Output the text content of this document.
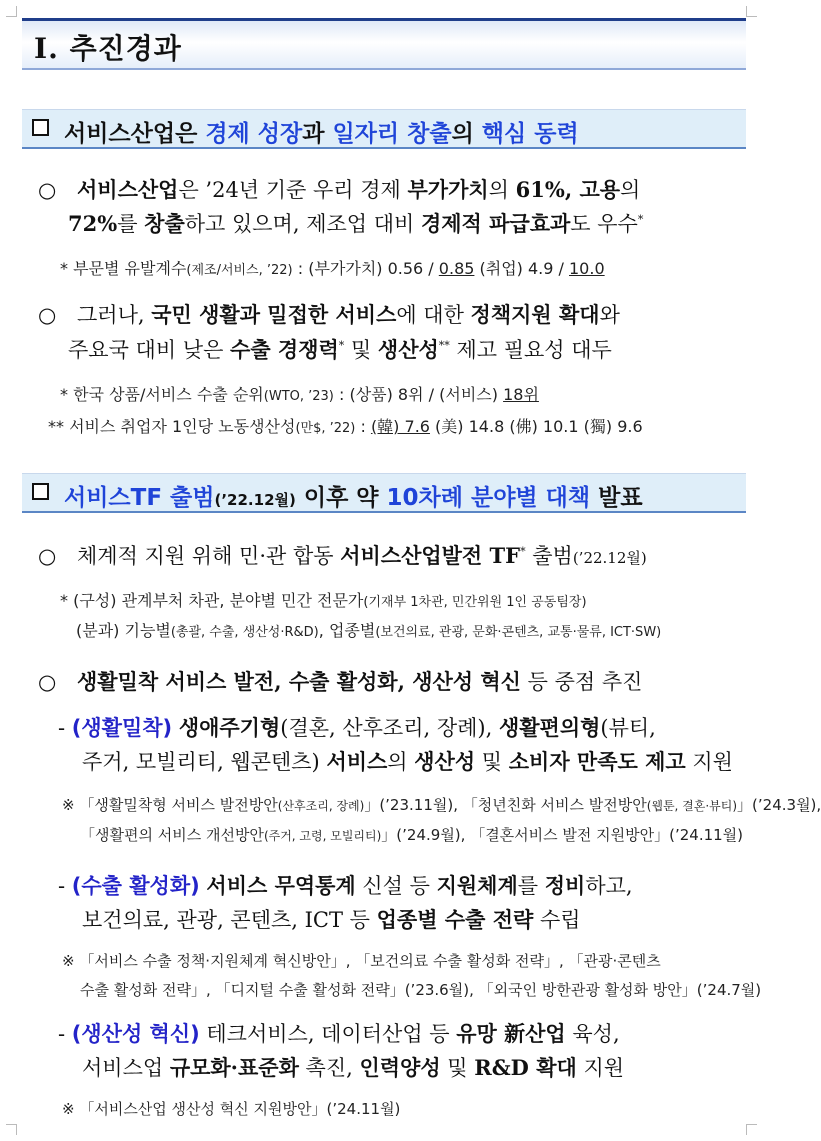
Ⅰ. 추진경과
서비스산업은 경제 성장과 일자리 창출의 핵심 동력
○ 서비스산업은 ’24년 기준 우리 경제 부가가치의 61%, 고용의
72%를 창출하고 있으며, 제조업 대비 경제적 파급효과도 우수*
* 부문별 유발계수(제조/서비스, ’22) : (부가가치) 0.56 / 0.85 (취업) 4.9 / 10.0
○ 그러나, 국민 생활과 밀접한 서비스에 대한 정책지원 확대와
주요국 대비 낮은 수출 경쟁력* 및 생산성** 제고 필요성 대두
* 한국 상품/서비스 수출 순위(WTO, ’23) : (상품) 8위 / (서비스) 18위
** 서비스 취업자 1인당 노동생산성(만$, ’22) : (韓) 7.6 (美) 14.8 (佛) 10.1 (獨) 9.6
서비스TF 출범(’22.12월) 이후 약 10차례 분야별 대책 발표
○ 체계적 지원 위해 민·관 합동 서비스산업발전 TF* 출범(’22.12월)
* (구성) 관계부처 차관, 분야별 민간 전문가(기재부 1차관, 민간위원 1인 공동팀장)
(분과) 기능별(총괄, 수출, 생산성·R&D), 업종별(보건의료, 관광, 문화·콘텐츠, 교통·물류, ICT·SW)
○ 생활밀착 서비스 발전, 수출 활성화, 생산성 혁신 등 중점 추진
- (생활밀착) 생애주기형(결혼, 산후조리, 장례), 생활편의형(뷰티,
주거, 모빌리티, 웹콘텐츠) 서비스의 생산성 및 소비자 만족도 제고 지원
※ 「생활밀착형 서비스 발전방안(산후조리, 장례)」(’23.11월), 「청년친화 서비스 발전방안(웹툰, 결혼·뷰티)」(’24.3월),
「생활편의 서비스 개선방안(주거, 고령, 모빌리티)」(’24.9월), 「결혼서비스 발전 지원방안」(’24.11월)
- (수출 활성화) 서비스 무역통계 신설 등 지원체계를 정비하고,
보건의료, 관광, 콘텐츠, ICT 등 업종별 수출 전략 수립
※ 「서비스 수출 정책·지원체계 혁신방안」, 「보건의료 수출 활성화 전략」, 「관광·콘텐츠
수출 활성화 전략」, 「디지털 수출 활성화 전략」(’23.6월), 「외국인 방한관광 활성화 방안」(’24.7월)
- (생산성 혁신) 테크서비스, 데이터산업 등 유망 新산업 육성,
서비스업 규모화·표준화 촉진, 인력양성 및 R&D 확대 지원
※ 「서비스산업 생산성 혁신 지원방안」(’24.11월)
